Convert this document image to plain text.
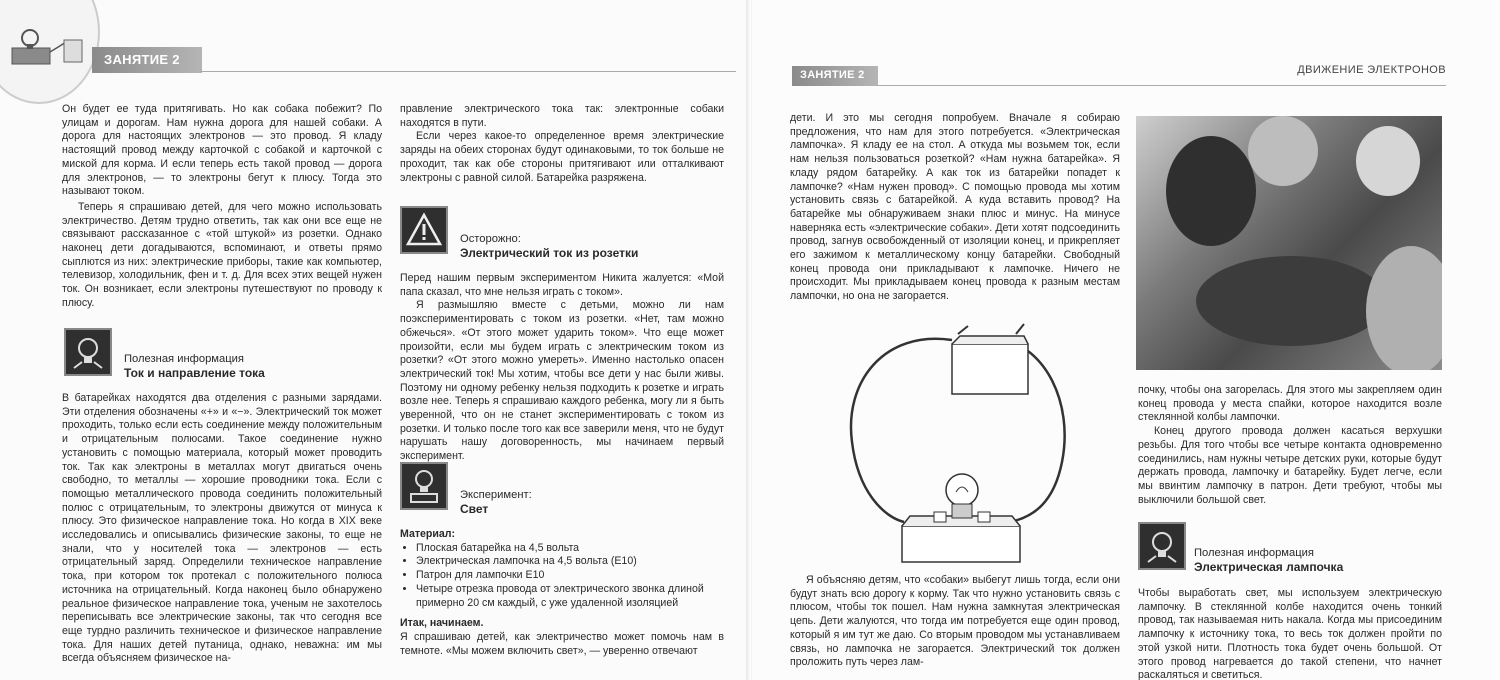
ЗАНЯТИЕ 2

Он будет ее туда притягивать. Но как собака побежит? По улицам и дорогам. Нам нужна дорога для нашей собаки. А дорога для настоящих электронов — это провод. Я кладу настоящий провод между карточкой с собакой и карточкой с миской для корма. И если теперь есть такой провод — дорога для электронов, — то электроны бегут к плюсу. Тогда это называют током.

Теперь я спрашиваю детей, для чего можно использовать электричество. Детям трудно ответить, так как они все еще не связывают рассказанное с «той штукой» из розетки. Однако наконец дети догадываются, вспоминают, и ответы прямо сыплются из них: электрические приборы, такие как компьютер, телевизор, холодильник, фен и т. д. Для всех этих вещей нужен ток. Он возникает, если электроны путешествуют по проводу к плюсу.

Полезная информация
Ток и направление тока

В батарейках находятся два отделения с разными зарядами. Эти отделения обозначены «+» и «−». Электрический ток может проходить, только если есть соединение между положительным и отрицательным полюсами. Такое соединение нужно установить с помощью материала, который может проводить ток. Так как электроны в металлах могут двигаться очень свободно, то металлы — хорошие проводники тока. Если с помощью металлического провода соединить положительный полюс с отрицательным, то электроны движутся от минуса к плюсу. Это физическое направление тока. Но когда в XIX веке исследовались и описывались физические законы, то еще не знали, что у носителей тока — электронов — есть отрицательный заряд. Определили техническое направление тока, при котором ток протекал с положительного полюса источника на отрицательный. Когда наконец было обнаружено реальное физическое направление тока, ученым не захотелось переписывать все электрические законы, так что сегодня все еще турдно различить техническое и физическое направление тока. Для наших детей путаница, однако, неважна: им мы всегда объясняем физическое на-

правление электрического тока так: электронные собаки находятся в пути.

Если через какое-то определенное время электрические заряды на обеих сторонах будут одинаковыми, то ток больше не проходит, так как обе стороны притягивают или отталкивают электроны с равной силой. Батарейка разряжена.

Осторожно:
Электрический ток из розетки

Перед нашим первым экспериментом Никита жалуется: «Мой папа сказал, что мне нельзя играть с током».

Я размышляю вместе с детьми, можно ли нам поэкспериментировать с током из розетки. «Нет, там можно обжечься». «От этого может ударить током». Что еще может произойти, если мы будем играть с электрическим током из розетки? «От этого можно умереть». Именно настолько опасен электрический ток! Мы хотим, чтобы все дети у нас были живы. Поэтому ни одному ребенку нельзя подходить к розетке и играть возле нее. Теперь я спрашиваю каждого ребенка, могу ли я быть уверенной, что он не станет экспериментировать с током из розетки. И только после того как все заверили меня, что не будут нарушать нашу договоренность, мы начинаем первый эксперимент.

Эксперимент:
Свет
Материал:
• Плоская батарейка на 4,5 вольта
• Электрическая лампочка на 4,5 вольта (Е10)
• Патрон для лампочки Е10
• Четыре отрезка провода от электрического звонка длиной примерно 20 см каждый, с уже удаленной изоляцией
Итак, начинаем.

Я спрашиваю детей, как электричество может помочь нам в темноте. «Мы можем включить свет», — уверенно отвечают

ЗАНЯТИЕ 2	ДВИЖЕНИЕ ЭЛЕКТРОНОВ

дети. И это мы сегодня попробуем. Вначале я собираю предложения, что нам для этого потребуется. «Электрическая лампочка». Я кладу ее на стол. А откуда мы возьмем ток, если нам нельзя пользоваться розеткой? «Нам нужна батарейка». Я кладу рядом батарейку. А как ток из батарейки попадет к лампочке? «Нам нужен провод». С помощью провода мы хотим установить связь с батарейкой. А куда вставить провод? На батарейке мы обнаруживаем знаки плюс и минус. На минусе наверняка есть «электрические собаки». Дети хотят подсоединить провод, загнув освобожденный от изоляции конец, и прикрепляет его зажимом к металлическому концу батарейки. Свободный конец провода они прикладывают к лампочке. Ничего не происходит. Мы прикладываем конец провода к разным местам лампочки, но она не загорается.

Я объясняю детям, что «собаки» выбегут лишь тогда, если они будут знать всю дорогу к корму. Так что нужно установить связь с плюсом, чтобы ток пошел. Нам нужна замкнутая электрическая цепь. Дети жалуются, что тогда им потребуется еще один провод, который я им тут же даю. Со вторым проводом мы устанавливаем связь, но лампочка не загорается. Электрический ток должен проложить путь через лам-

почку, чтобы она загорелась. Для этого мы закрепляем один конец провода у места спайки, которое находится возле стеклянной колбы лампочки.

Конец другого провода должен касаться верхушки резьбы. Для того чтобы все четыре контакта одновременно соединились, нам нужны четыре детских руки, которые будут держать провода, лампочку и батарейку. Будет легче, если мы ввинтим лампочку в патрон. Дети требуют, чтобы мы выключили большой свет.

Полезная информация
Электрическая лампочка

Чтобы выработать свет, мы используем электрическую лампочку. В стеклянной колбе находится очень тонкий провод, так называемая нить накала. Когда мы присоединим лампочку к источнику тока, то весь ток должен пройти по этой узкой нити. Плотность тока будет очень большой. От этого провод нагревается до такой степени, что начнет раскаляться и светиться.
